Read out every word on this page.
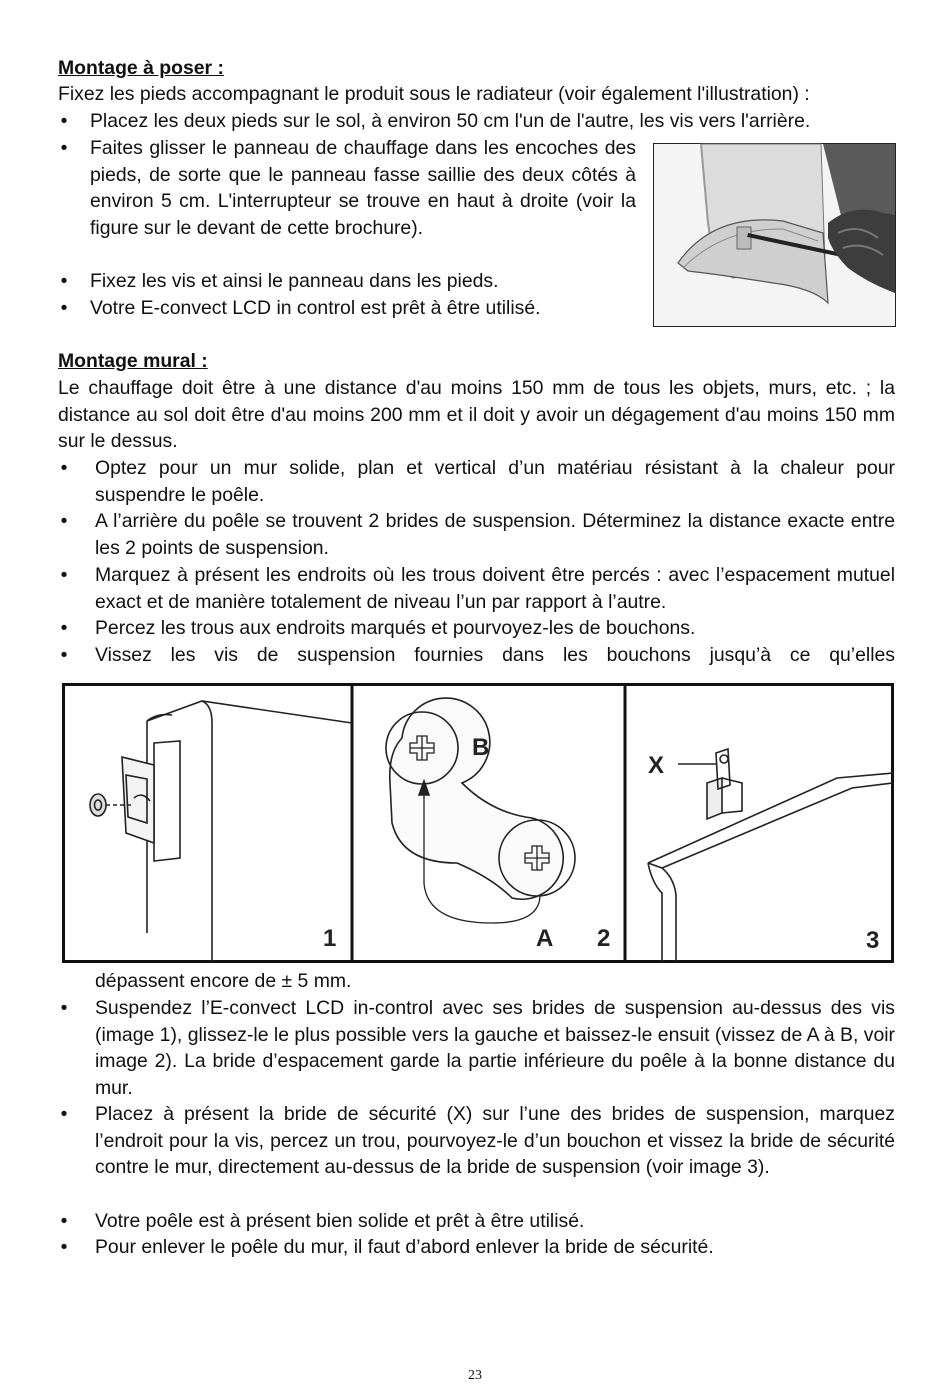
Montage à poser :
Fixez les pieds accompagnant le produit sous le radiateur (voir également l'illustration) :
• Placez les deux pieds sur le sol, à environ 50 cm l'un de l'autre, les vis vers l'arrière.
• Faites glisser le panneau de chauffage dans les encoches des pieds, de sorte que le panneau fasse saillie des deux côtés à environ 5 cm. L'interrupteur se trouve en haut à droite (voir la figure sur le devant de cette brochure).
• Fixez les vis et ainsi le panneau dans les pieds.
• Votre E-convect LCD in control est prêt à être utilisé.
Montage mural :
Le chauffage doit être à une distance d'au moins 150 mm de tous les objets, murs, etc. ; la distance au sol doit être d'au moins 200 mm et il doit y avoir un dégagement d'au moins 150 mm sur le dessus.
• Optez pour un mur solide, plan et vertical d’un matériau résistant à la chaleur pour suspendre le poêle.
• A l’arrière du poêle se trouvent 2 brides de suspension. Déterminez la distance exacte entre les 2 points de suspension.
• Marquez à présent les endroits où les trous doivent être percés : avec l’espacement mutuel exact et de manière totalement de niveau l’un par rapport à l’autre.
• Percez les trous aux endroits marqués et pourvoyez-les de bouchons.
• Vissez les vis de suspension fournies dans les bouchons jusqu’à ce qu’elles
B
A
X
1	2	3
dépassent encore de ± 5 mm.
• Suspendez l’E-convect LCD in-control avec ses brides de suspension au-dessus des vis (image 1), glissez-le le plus possible vers la gauche et baissez-le ensuit (vissez de A à B, voir image 2). La bride d’espacement garde la partie inférieure du poêle à la bonne distance du mur.
• Placez à présent la bride de sécurité (X) sur l’une des brides de suspension, marquez l’endroit pour la vis, percez un trou, pourvoyez-le d’un bouchon et vissez la bride de sécurité contre le mur, directement au-dessus de la bride de suspension (voir image 3).
• Votre poêle est à présent bien solide et prêt à être utilisé.
• Pour enlever le poêle du mur, il faut d’abord enlever la bride de sécurité.
23
